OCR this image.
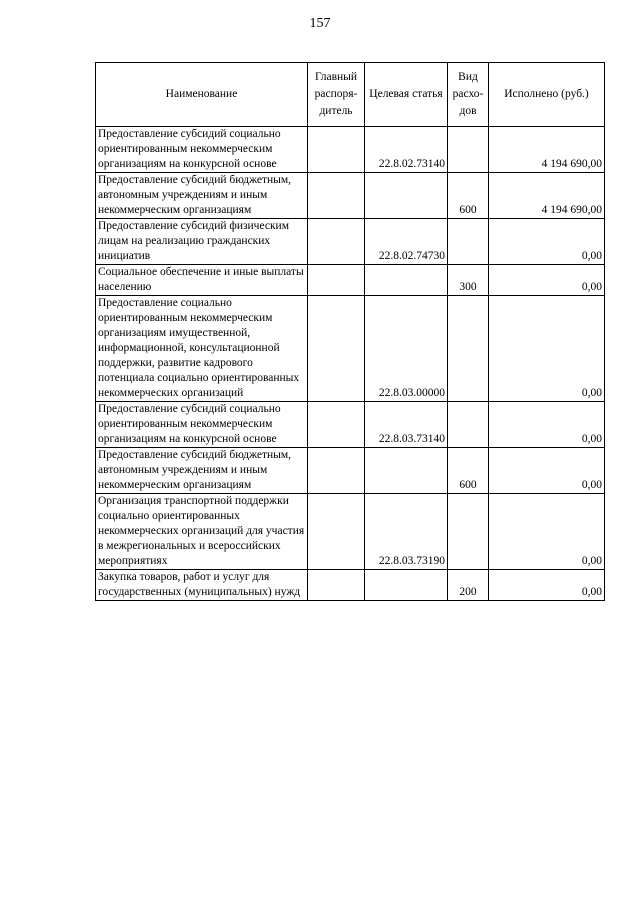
157
Наименование	Главный распоря-дитель	Целевая статья	Вид расхо-дов	Исполнено (руб.)
Предоставление субсидий социально ориентированным некоммерческим организациям на конкурсной основе		22.8.02.73140		4 194 690,00
Предоставление субсидий бюджетным, автономным учреждениям и иным некоммерческим организациям			600	4 194 690,00
Предоставление субсидий физическим лицам на реализацию гражданских инициатив		22.8.02.74730		0,00
Социальное обеспечение и иные выплаты населению			300	0,00
Предоставление социально ориентированным некоммерческим организациям имущественной, информационной, консультационной поддержки, развитие кадрового потенциала социально ориентированных некоммерческих организаций		22.8.03.00000		0,00
Предоставление субсидий социально ориентированным некоммерческим организациям на конкурсной основе		22.8.03.73140		0,00
Предоставление субсидий бюджетным, автономным учреждениям и иным некоммерческим организациям			600	0,00
Организация транспортной поддержки социально ориентированных некоммерческих организаций для участия в межрегиональных и всероссийских мероприятиях		22.8.03.73190		0,00
Закупка товаров, работ и услуг для государственных (муниципальных) нужд			200	0,00
